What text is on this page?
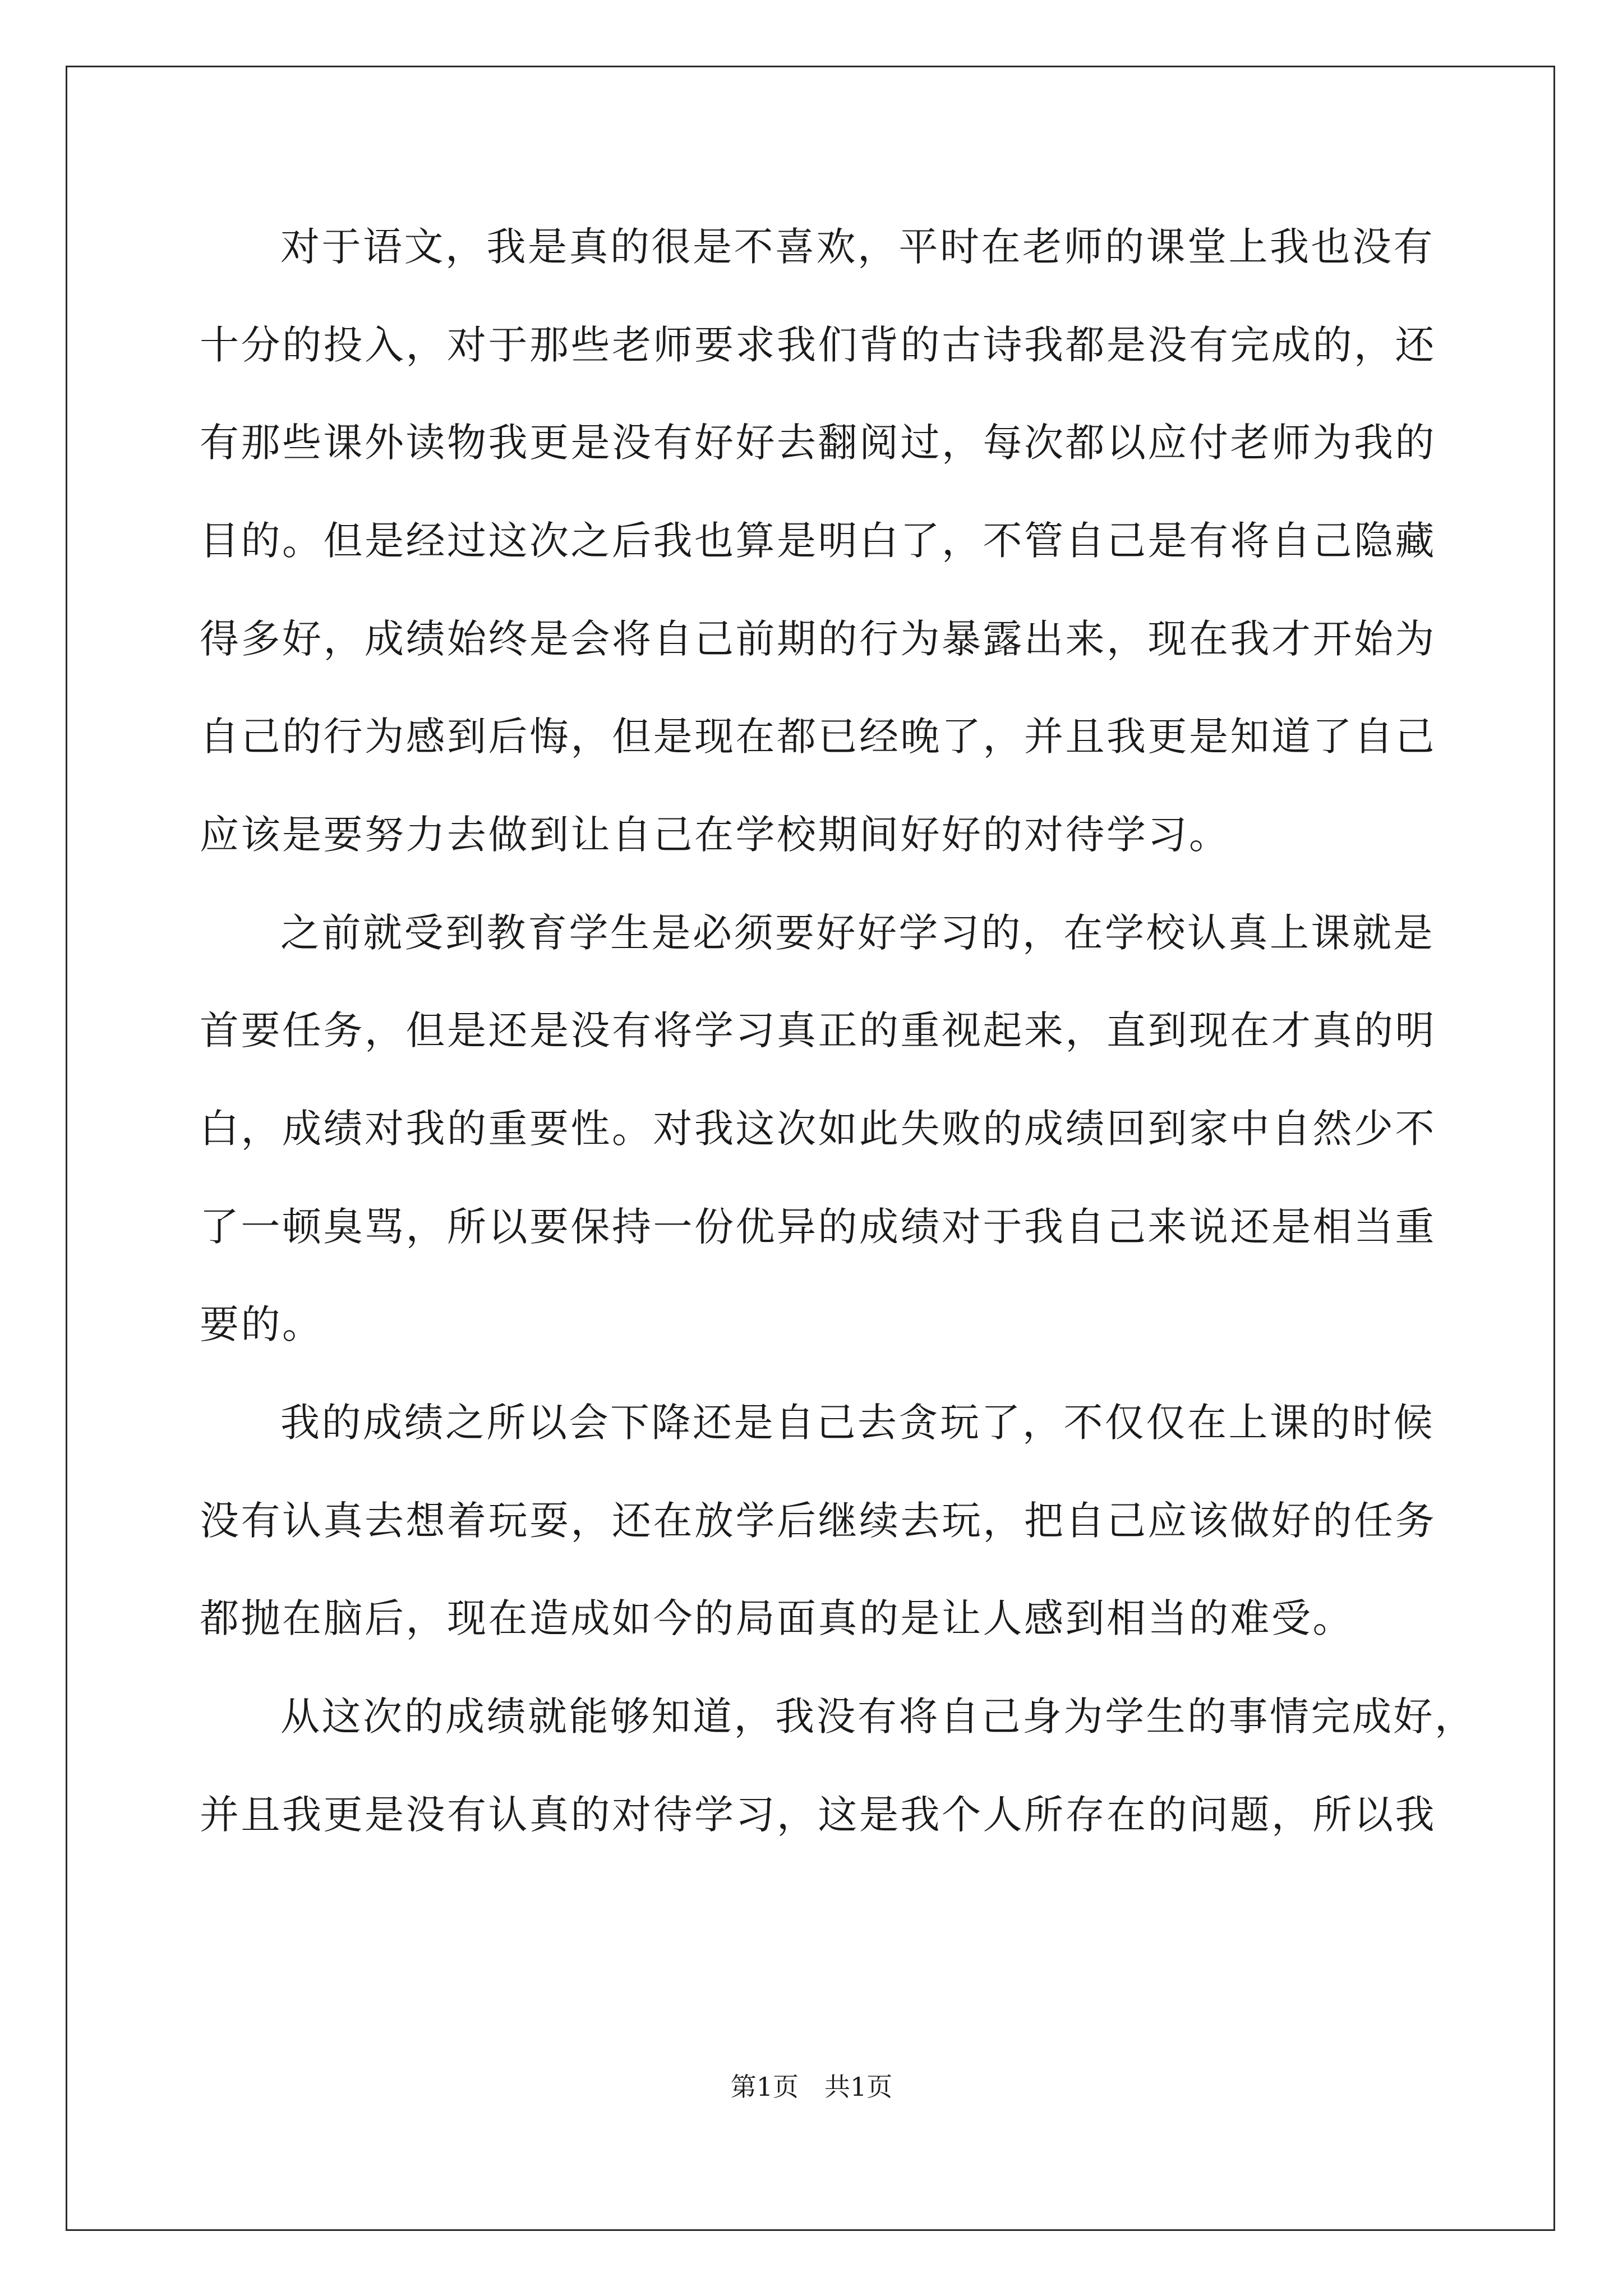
对于语文，我是真的很是不喜欢，平时在老师的课堂上我也没有
十分的投入，对于那些老师要求我们背的古诗我都是没有完成的，还
有那些课外读物我更是没有好好去翻阅过，每次都以应付老师为我的
目的。但是经过这次之后我也算是明白了，不管自己是有将自己隐藏
得多好，成绩始终是会将自己前期的行为暴露出来，现在我才开始为
自己的行为感到后悔，但是现在都已经晚了，并且我更是知道了自己
应该是要努力去做到让自己在学校期间好好的对待学习。
之前就受到教育学生是必须要好好学习的，在学校认真上课就是
首要任务，但是还是没有将学习真正的重视起来，直到现在才真的明
白，成绩对我的重要性。对我这次如此失败的成绩回到家中自然少不
了一顿臭骂，所以要保持一份优异的成绩对于我自己来说还是相当重
要的。
我的成绩之所以会下降还是自己去贪玩了，不仅仅在上课的时候
没有认真去想着玩耍，还在放学后继续去玩，把自己应该做好的任务
都抛在脑后，现在造成如今的局面真的是让人感到相当的难受。
从这次的成绩就能够知道，我没有将自己身为学生的事情完成好，
并且我更是没有认真的对待学习，这是我个人所存在的问题，所以我
第1页 共1页
